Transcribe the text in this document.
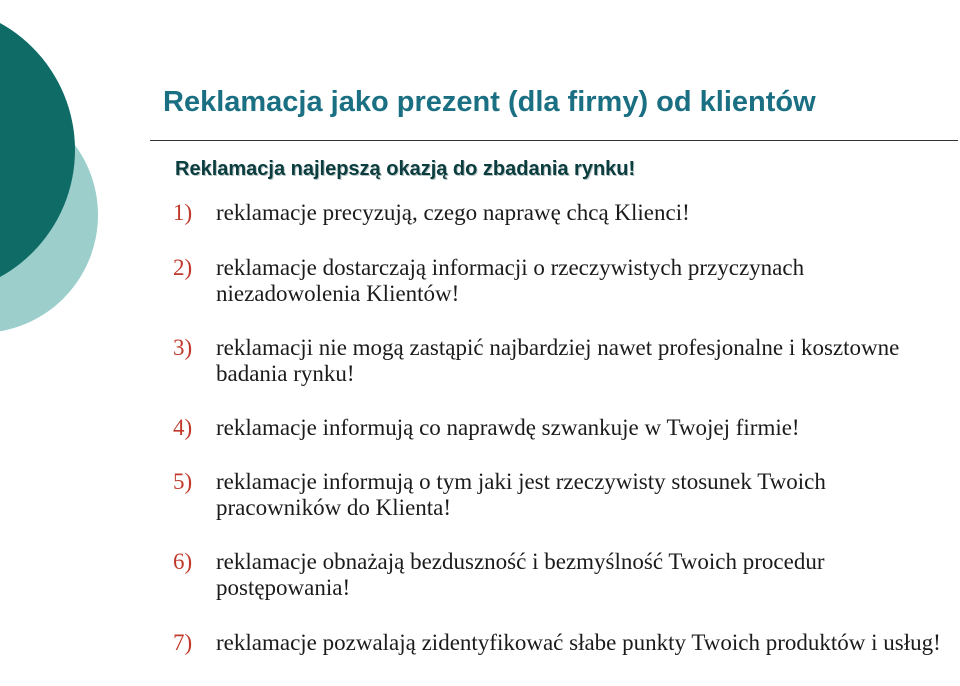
Reklamacja jako prezent (dla firmy) od klientów
Reklamacja najlepszą okazją do zbadania rynku!
1) reklamacje precyzują, czego naprawę chcą Klienci!
2) reklamacje dostarczają informacji o rzeczywistych przyczynach niezadowolenia Klientów!
3) reklamacji nie mogą zastąpić najbardziej nawet profesjonalne i kosztowne badania rynku!
4) reklamacje informują co naprawdę szwankuje w Twojej firmie!
5) reklamacje informują o tym jaki jest rzeczywisty stosunek Twoich pracowników do Klienta!
6) reklamacje obnażają bezduszność i bezmyślność Twoich procedur postępowania!
7) reklamacje pozwalają zidentyfikować słabe punkty Twoich produktów i usług!
